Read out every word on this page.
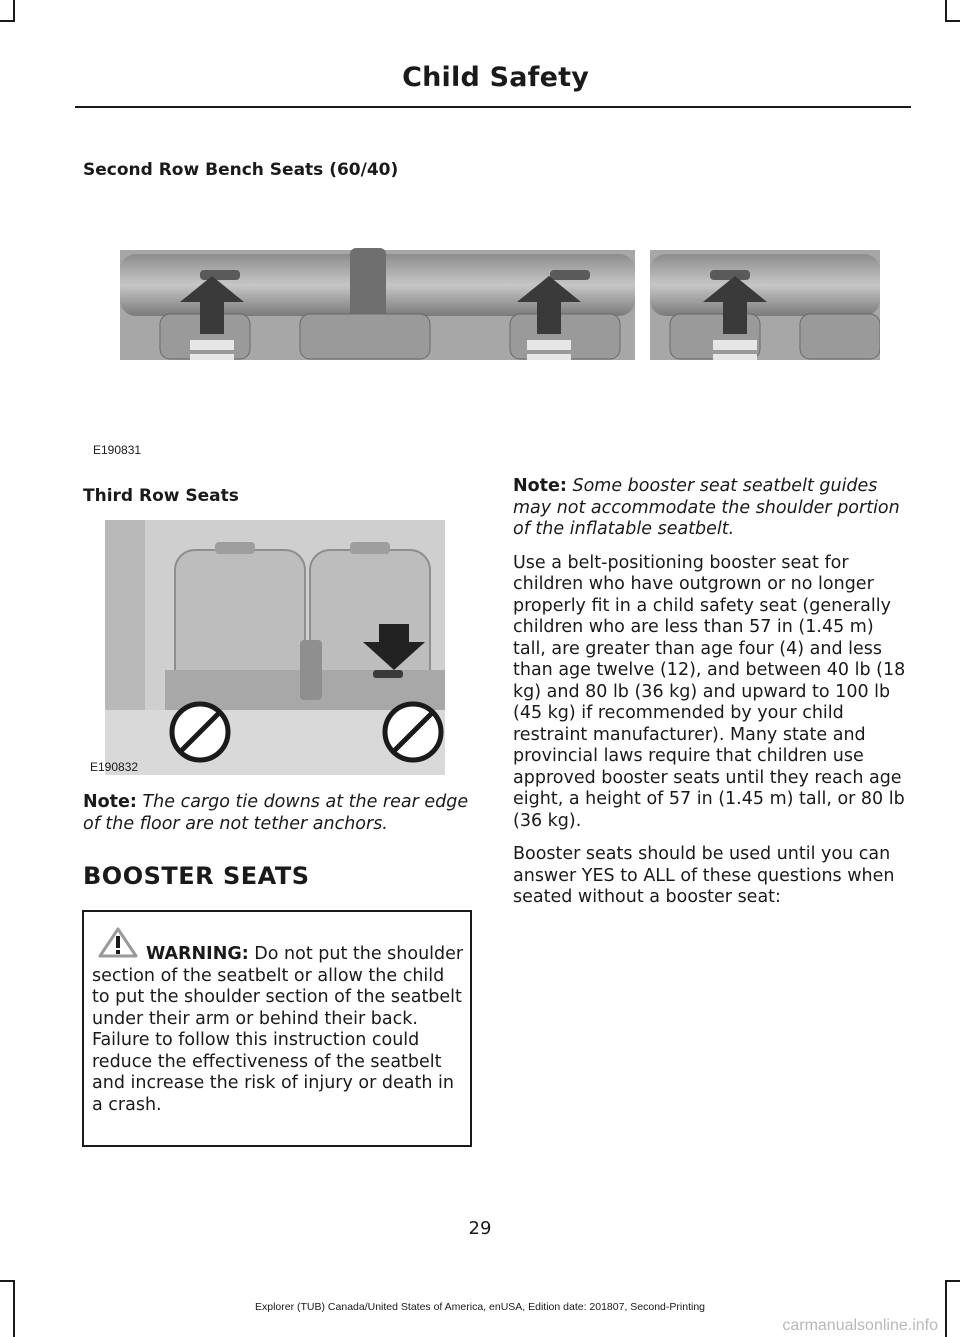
Child Safety
Second Row Bench Seats (60/40)
E190831
Third Row Seats
E190832
Note: The cargo tie downs at the rear edge of the floor are not tether anchors.
BOOSTER SEATS
WARNING: Do not put the shoulder section of the seatbelt or allow the child to put the shoulder section of the seatbelt under their arm or behind their back. Failure to follow this instruction could reduce the effectiveness of the seatbelt and increase the risk of injury or death in a crash.

Note: Some booster seat seatbelt guides may not accommodate the shoulder portion of the inflatable seatbelt.

Use a belt-positioning booster seat for children who have outgrown or no longer properly fit in a child safety seat (generally children who are less than 57 in (1.45 m) tall, are greater than age four (4) and less than age twelve (12), and between 40 lb (18 kg) and 80 lb (36 kg) and upward to 100 lb (45 kg) if recommended by your child restraint manufacturer). Many state and provincial laws require that children use approved booster seats until they reach age eight, a height of 57 in (1.45 m) tall, or 80 lb (36 kg).

Booster seats should be used until you can answer YES to ALL of these questions when seated without a booster seat:

29
Explorer (TUB) Canada/United States of America, enUSA, Edition date: 201807, Second-Printing
carmanualsonline.info
